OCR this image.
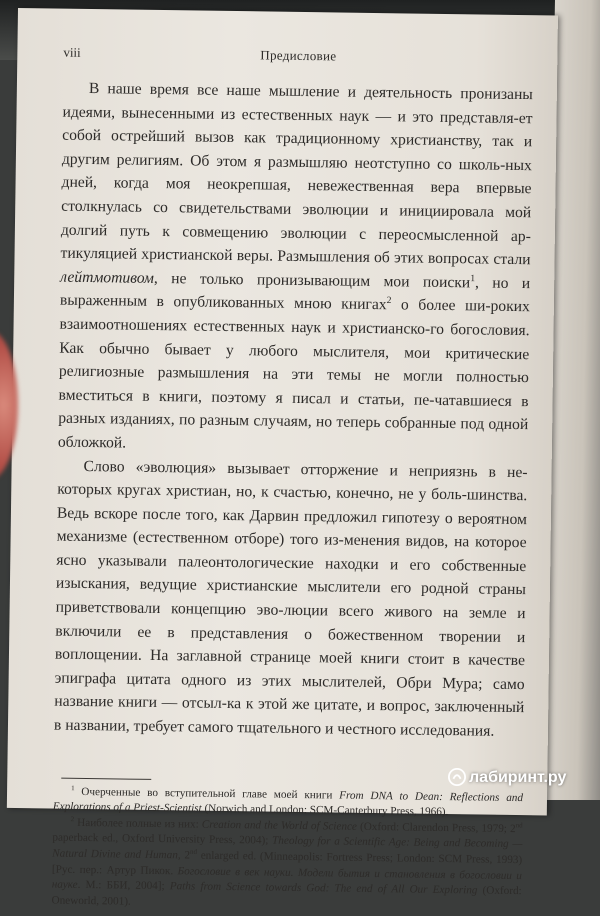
viii	Предисловие

В наше время все наше мышление и деятельность пронизаны идеями, вынесенными из естественных наук — и это представля-ет собой острейший вызов как традиционному христианству, так и другим религиям. Об этом я размышляю неотступно со школь-ных дней, когда моя неокрепшая, невежественная вера впервые столкнулась со свидетельствами эволюции и инициировала мой долгий путь к совмещению эволюции с переосмысленной ар-тикуляцией христианской веры. Размышления об этих вопросах стали лейтмотивом, не только пронизывающим мои поиски$^1$, но и выраженным в опубликованных мною книгах$^2$ о более ши-роких взаимоотношениях естественных наук и христианско-го богословия. Как обычно бывает у любого мыслителя, мои критические религиозные размышления на эти темы не могли полностью вместиться в книги, поэтому я писал и статьи, пе-чатавшиеся в разных изданиях, по разным случаям, но теперь собранные под одной обложкой.

Слово «эволюция» вызывает отторжение и неприязнь в не-которых кругах христиан, но, к счастью, конечно, не у боль-шинства. Ведь вскоре после того, как Дарвин предложил гипотезу о вероятном механизме (естественном отборе) того из-менения видов, на которое ясно указывали палеонтологические находки и его собственные изыскания, ведущие христианские мыслители его родной страны приветствовали концепцию эво-люции всего живого на земле и включили ее в представления о божественном творении и воплощении. На заглавной странице моей книги стоит в качестве эпиграфа цитата одного из этих мыслителей, Обри Мура; само название книги — отсыл-ка к этой же цитате, и вопрос, заключенный в названии, требует самого тщательного и честного исследования.

$^1$ Очерченные во вступительной главе моей книги From DNA to Dean: Reflections and Explorations of a Priest-Scientist (Norwich and London: SCM-Canterbury Press, 1966).

$^2$ Наиболее полные из них: Creation and the World of Science (Oxford: Clarendon Press, 1979; 2nd paperback ed., Oxford University Press, 2004); Theology for a Scientific Age: Being and Becoming — Natural Divine and Human, 2nd enlarged ed. (Minneapolis: Fortress Press; London: SCM Press, 1993) [Рус. пер.: Артур Пикок. Богословие в век науки. Модели бытия и становления в богословии и науке. М.: ББИ, 2004]; Paths from Science towards God: The end of All Our Exploring (Oxford: Oneworld, 2001).

лабиринт.ру
